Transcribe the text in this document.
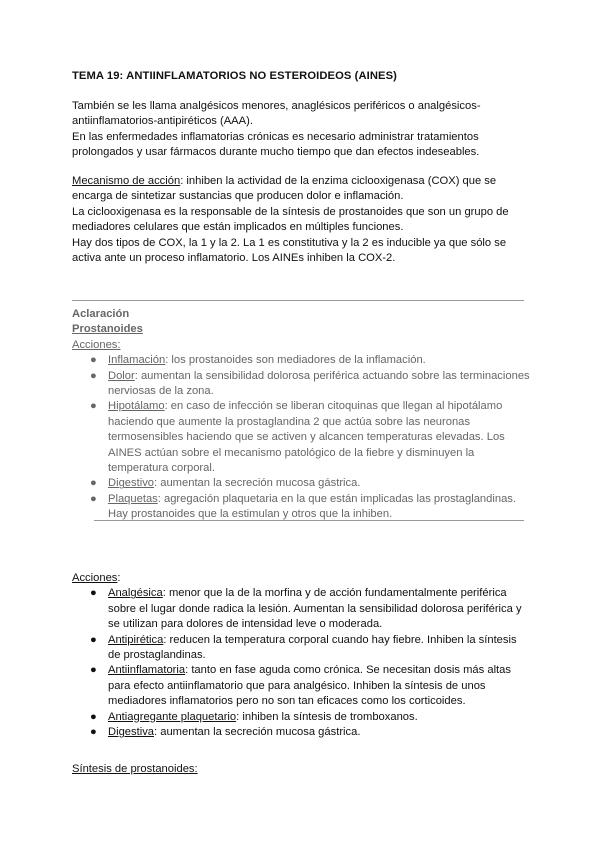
TEMA 19: ANTIINFLAMATORIOS NO ESTEROIDEOS (AINES)

También se les llama analgésicos menores, anaglésicos periféricos o analgésicos-antiinflamatorios-antipiréticos (AAA).

En las enfermedades inflamatorias crónicas es necesario administrar tratamientos prolongados y usar fármacos durante mucho tiempo que dan efectos indeseables.

Mecanismo de acción: inhiben la actividad de la enzima ciclooxigenasa (COX) que se encarga de sintetizar sustancias que producen dolor e inflamación.

La ciclooxigenasa es la responsable de la síntesis de prostanoides que son un grupo de mediadores celulares que están implicados en múltiples funciones.

Hay dos tipos de COX, la 1 y la 2. La 1 es constitutiva y la 2 es inducible ya que sólo se activa ante un proceso inflamatorio. Los AINEs inhiben la COX-2.

Aclaración

Prostanoides

Acciones:

● Inflamación: los prostanoides son mediadores de la inflamación.
● Dolor: aumentan la sensibilidad dolorosa periférica actuando sobre las terminaciones nerviosas de la zona.
● Hipotálamo: en caso de infección se liberan citoquinas que llegan al hipotálamo haciendo que aumente la prostaglandina 2 que actúa sobre las neuronas termosensibles haciendo que se activen y alcancen temperaturas elevadas. Los AINES actúan sobre el mecanismo patológico de la fiebre y disminuyen la temperatura corporal.
● Digestivo: aumentan la secreción mucosa gástrica.
● Plaquetas: agregación plaquetaria en la que están implicadas las prostaglandinas. Hay prostanoides que la estimulan y otros que la inhiben.

Acciones:

● Analgésica: menor que la de la morfina y de acción fundamentalmente periférica sobre el lugar donde radica la lesión. Aumentan la sensibilidad dolorosa periférica y se utilizan para dolores de intensidad leve o moderada.
● Antipirética: reducen la temperatura corporal cuando hay fiebre. Inhiben la síntesis de prostaglandinas.
● Antiinflamatoria: tanto en fase aguda como crónica. Se necesitan dosis más altas para efecto antiinflamatorio que para analgésico. Inhiben la síntesis de unos mediadores inflamatorios pero no son tan eficaces como los corticoides.
● Antiagregante plaquetario: inhiben la síntesis de tromboxanos.
● Digestiva: aumentan la secreción mucosa gástrica.

Síntesis de prostanoides:
